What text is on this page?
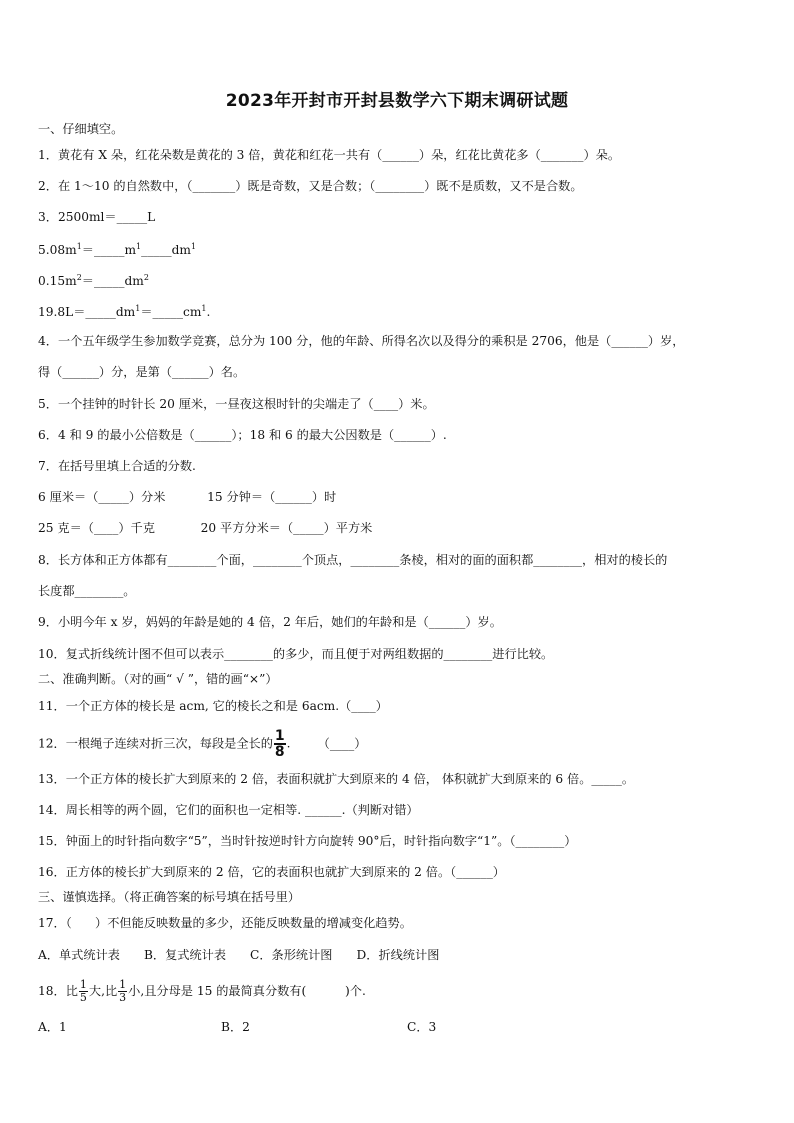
2023年开封市开封县数学六下期末调研试题
一、仔细填空。
1．黄花有 X 朵，红花朵数是黄花的 3 倍，黄花和红花一共有（______）朵，红花比黄花多（_______）朵。
2．在 1～10 的自然数中，（_______）既是奇数，又是合数；（________）既不是质数，又不是合数。
3．2500ml＝_____L
$5.08m^1=\_\_\_\_\_m^1\_\_\_\_\_dm^1$
$0.15m^2=\_\_\_\_\_dm^2$
$19.8L=\_\_\_\_\_dm^1=\_\_\_\_\_cm^1$.
4．一个五年级学生参加数学竞赛，总分为 100 分，他的年龄、所得名次以及得分的乘积是 2706，他是（______）岁，
得（______）分，是第（______）名。
5．一个挂钟的时针长 20 厘米，一昼夜这根时针的尖端走了（____）米。
6．4 和 9 的最小公倍数是（______）；18 和 6 的最大公因数是（______）.
7．在括号里填上合适的分数.
6 厘米＝（_____）分米	15 分钟＝（______）时
25 克＝（____）千克	20 平方分米＝（_____）平方米
8．长方体和正方体都有________个面，________个顶点，________条棱，相对的面的面积都________，相对的棱长的
长度都________。
9．小明今年 x 岁，妈妈的年龄是她的 4 倍，2 年后，她们的年龄和是（______）岁。
10．复式折线统计图不但可以表示________的多少，而且便于对两组数据的________进行比较。
二、准确判断。（对的画“ √ ”，错的画“×”）
11．一个正方体的棱长是 acm, 它的棱长之和是 6acm.（____）
12．一根绳子连续对折三次，每段是全长的 $\frac{1}{8}$ .       （____）
13．一个正方体的棱长扩大到原来的 2 倍，表面积就扩大到原来的 4 倍， 体积就扩大到原来的 6 倍。_____。
14．周长相等的两个圆，它们的面积也一定相等. ______.（判断对错）
15．钟面上的时针指向数字“5”，当时针按逆时针方向旋转 90°后，时针指向数字“1”。（________）
16．正方体的棱长扩大到原来的 2 倍，它的表面积也就扩大到原来的 2 倍。（______）
三、谨慎选择。（将正确答案的标号填在括号里）
17．（      ）不但能反映数量的多少，还能反映数量的增减变化趋势。
A．单式统计表 B．复式统计表 C．条形统计图 D．折线统计图
18．比 $\frac{1}{5}$ 大,比 $\frac{1}{3}$ 小,且分母是 15 的最简真分数有(          )个.
A．1	B．2	C．3
